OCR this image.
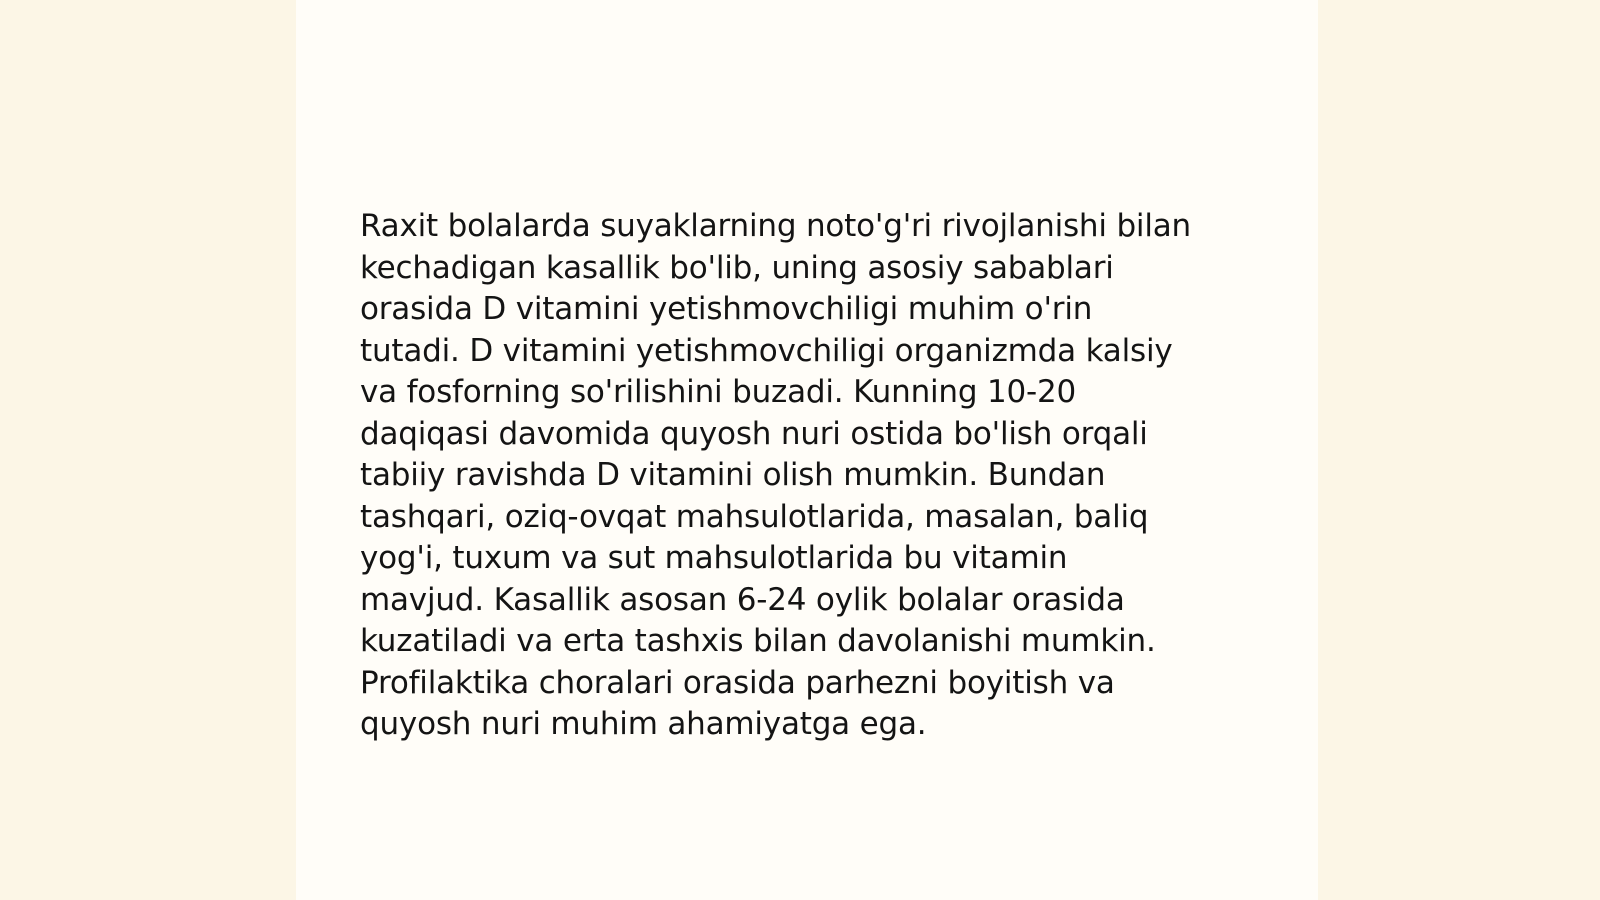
Raxit bolalarda suyaklarning noto'g'ri rivojlanishi bilan
kechadigan kasallik bo'lib, uning asosiy sabablari
orasida D vitamini yetishmovchiligi muhim o'rin
tutadi. D vitamini yetishmovchiligi organizmda kalsiy
va fosforning so'rilishini buzadi. Kunning 10-20
daqiqasi davomida quyosh nuri ostida bo'lish orqali
tabiiy ravishda D vitamini olish mumkin. Bundan
tashqari, oziq-ovqat mahsulotlarida, masalan, baliq
yog'i, tuxum va sut mahsulotlarida bu vitamin
mavjud. Kasallik asosan 6-24 oylik bolalar orasida
kuzatiladi va erta tashxis bilan davolanishi mumkin.
Profilaktika choralari orasida parhezni boyitish va
quyosh nuri muhim ahamiyatga ega.
